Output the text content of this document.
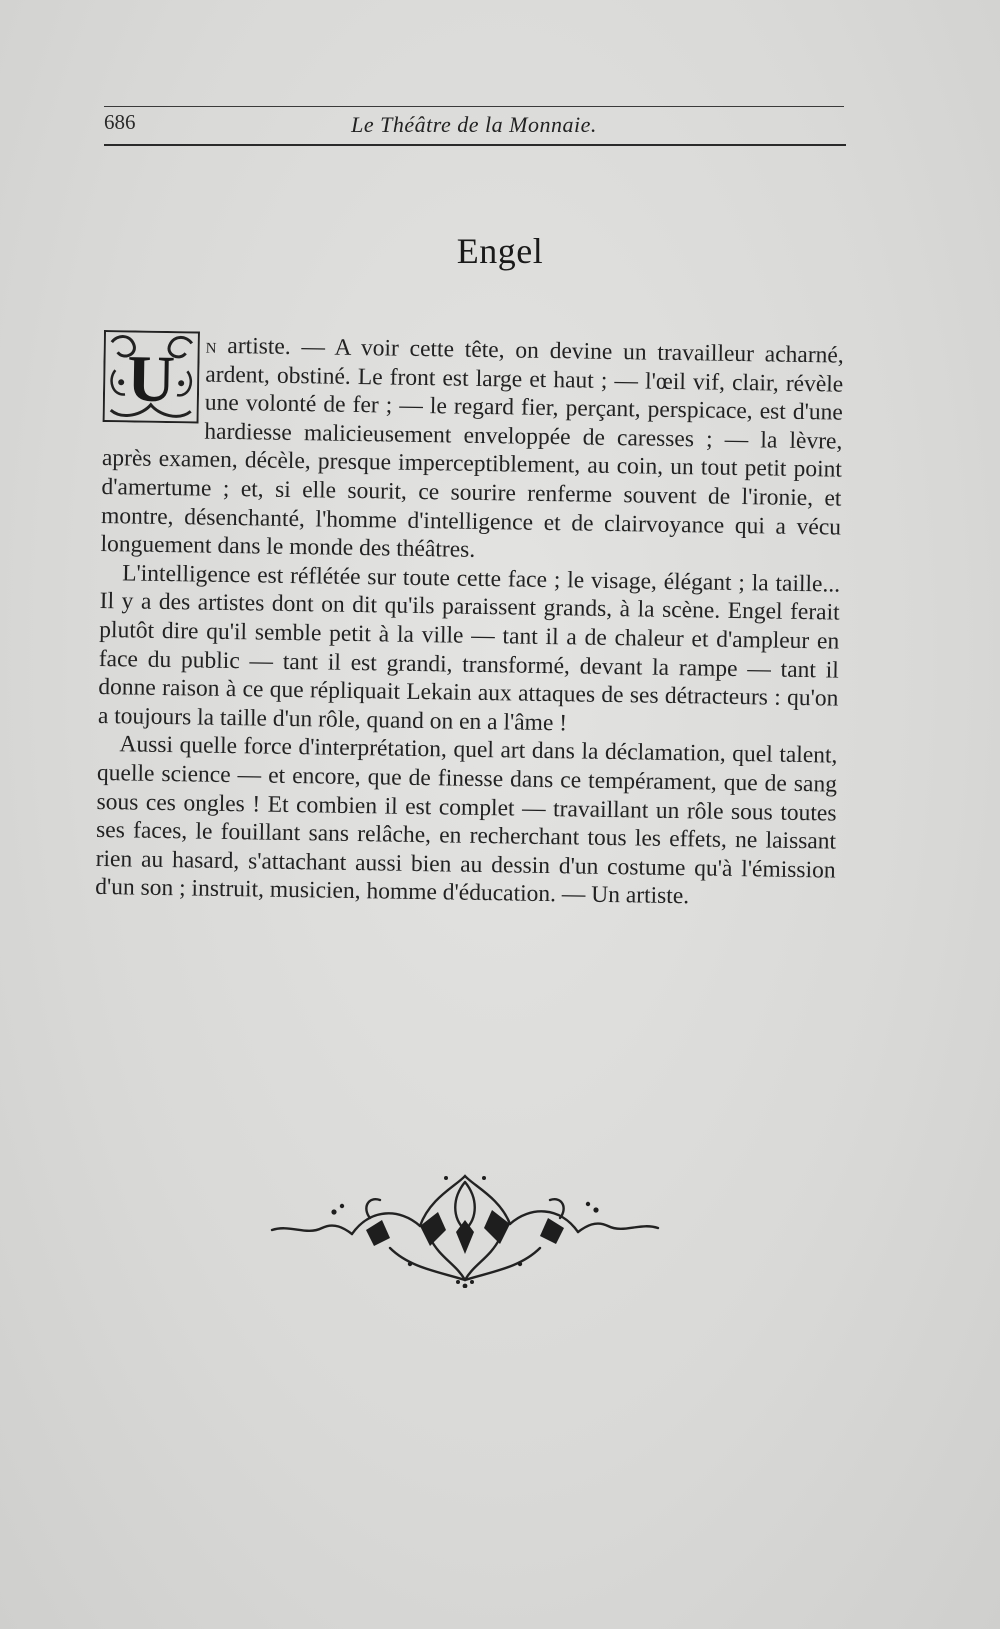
686	Le Théâtre de la Monnaie.
Engel

U n artiste. — A voir cette tête, on devine un travailleur acharné, ardent, obstiné. Le front est large et haut ; — l'œil vif, clair, révèle une volonté de fer ; — le regard fier, perçant, perspicace, est d'une hardiesse malicieusement enveloppée de caresses ; — la lèvre, après examen, décèle, presque imperceptiblement, au coin, un tout petit point d'amertume ; et, si elle sourit, ce sourire renferme souvent de l'ironie, et montre, désenchanté, l'homme d'intelligence et de clairvoyance qui a vécu longuement dans le monde des théâtres.

L'intelligence est réflétée sur toute cette face ; le visage, élégant ; la taille... Il y a des artistes dont on dit qu'ils paraissent grands, à la scène. Engel ferait plutôt dire qu'il semble petit à la ville — tant il a de chaleur et d'ampleur en face du public — tant il est grandi, transformé, devant la rampe — tant il donne raison à ce que répliquait Lekain aux attaques de ses détracteurs : qu'on a toujours la taille d'un rôle, quand on en a l'âme !

Aussi quelle force d'interprétation, quel art dans la déclamation, quel talent, quelle science — et encore, que de finesse dans ce tempérament, que de sang sous ces ongles ! Et combien il est complet — travaillant un rôle sous toutes ses faces, le fouillant sans relâche, en recherchant tous les effets, ne laissant rien au hasard, s'attachant aussi bien au dessin d'un costume qu'à l'émission d'un son ; instruit, musicien, homme d'éducation. — Un artiste.
